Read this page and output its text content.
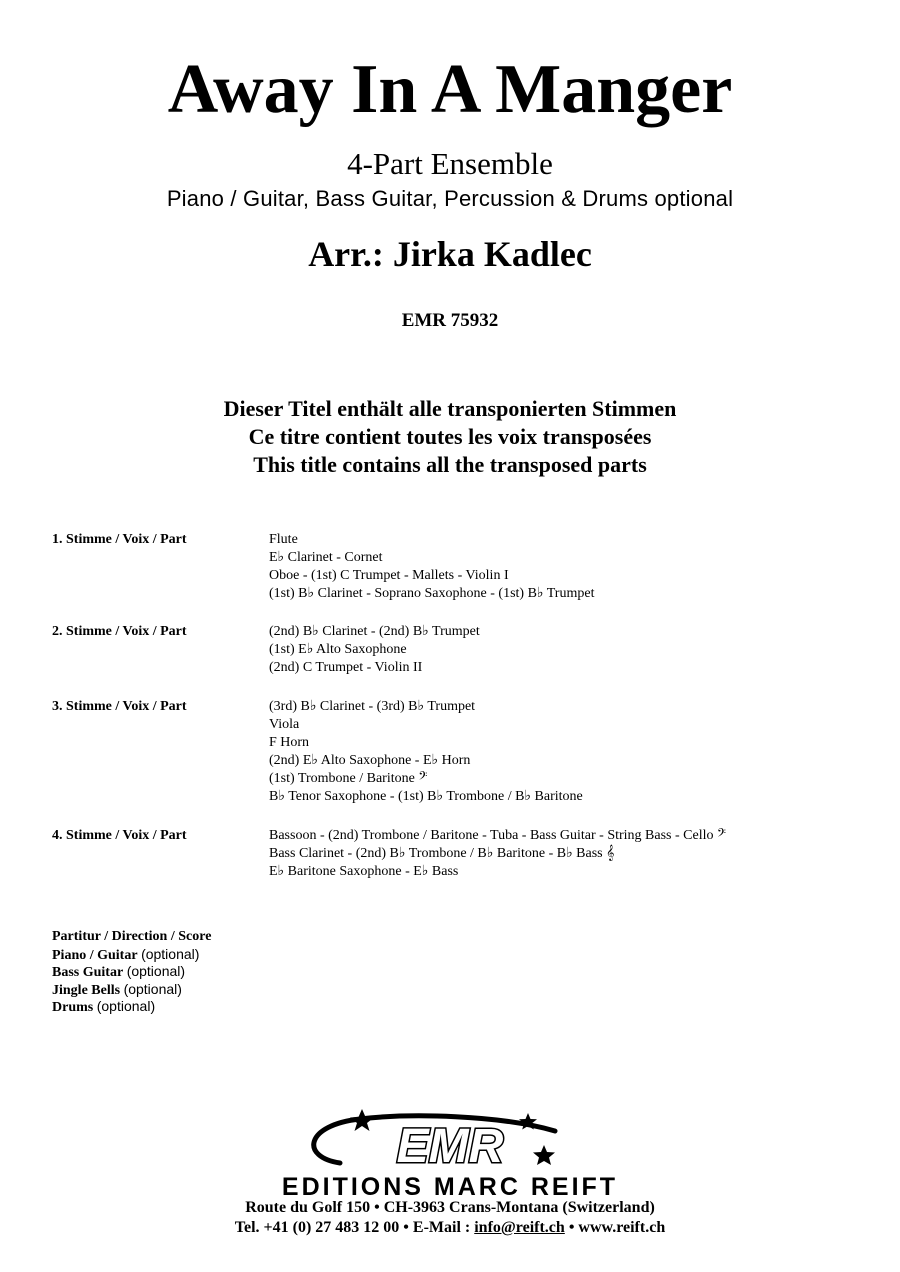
Away In A Manger
4-Part Ensemble
Piano / Guitar, Bass Guitar, Percussion & Drums optional
Arr.: Jirka Kadlec
EMR 75932
Dieser Titel enthält alle transponierten Stimmen
Ce titre contient toutes les voix transposées
This title contains all the transposed parts
1. Stimme / Voix / Part	Flute
E♭ Clarinet - Cornet
Oboe - (1st) C Trumpet - Mallets - Violin I
(1st) B♭ Clarinet - Soprano Saxophone - (1st) B♭ Trumpet
2. Stimme / Voix / Part	(2nd) B♭ Clarinet - (2nd) B♭ Trumpet
(1st) E♭ Alto Saxophone
(2nd) C Trumpet - Violin II
3. Stimme / Voix / Part	(3rd) B♭ Clarinet - (3rd) B♭ Trumpet
Viola
F Horn
(2nd) E♭ Alto Saxophone - E♭ Horn
(1st) Trombone / Baritone 𝄢
B♭ Tenor Saxophone - (1st) B♭ Trombone / B♭ Baritone
4. Stimme / Voix / Part	Bassoon - (2nd) Trombone / Baritone - Tuba - Bass Guitar - String Bass - Cello 𝄢
Bass Clarinet - (2nd) B♭ Trombone / B♭ Baritone - B♭ Bass 𝄞
E♭ Baritone Saxophone - E♭ Bass
Partitur / Direction / Score
Piano / Guitar (optional)
Bass Guitar (optional)
Jingle Bells (optional)
Drums (optional)
EMR
EDITIONS MARC REIFT
Route du Golf 150 • CH-3963 Crans-Montana (Switzerland)
Tel. +41 (0) 27 483 12 00 • E-Mail : info@reift.ch • www.reift.ch
